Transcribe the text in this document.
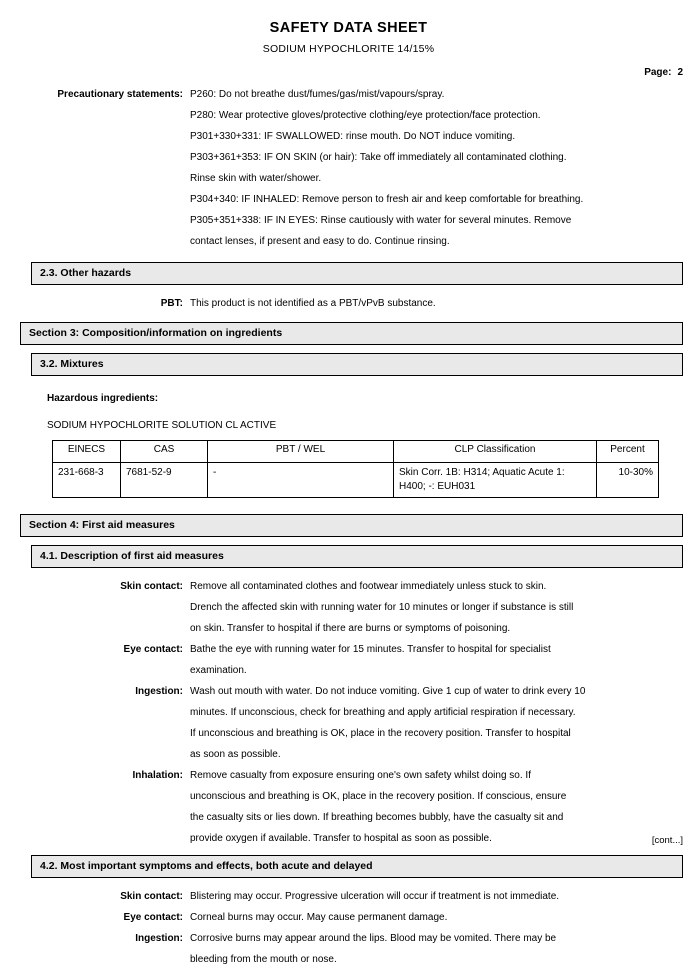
SAFETY DATA SHEET
SODIUM HYPOCHLORITE 14/15%
Page: 2
Precautionary statements: P260: Do not breathe dust/fumes/gas/mist/vapours/spray.
P280: Wear protective gloves/protective clothing/eye protection/face protection.
P301+330+331: IF SWALLOWED: rinse mouth. Do NOT induce vomiting.
P303+361+353: IF ON SKIN (or hair): Take off immediately all contaminated clothing.
Rinse skin with water/shower.
P304+340: IF INHALED: Remove person to fresh air and keep comfortable for breathing.
P305+351+338: IF IN EYES: Rinse cautiously with water for several minutes. Remove
contact lenses, if present and easy to do. Continue rinsing.
2.3. Other hazards
PBT: This product is not identified as a PBT/vPvB substance.
Section 3: Composition/information on ingredients
3.2. Mixtures
Hazardous ingredients:
SODIUM HYPOCHLORITE SOLUTION CL ACTIVE
EINECS	CAS	PBT / WEL	CLP Classification	Percent
231-668-3	7681-52-9	-	Skin Corr. 1B: H314; Aquatic Acute 1:
H400; -: EUH031	10-30%
Section 4: First aid measures
4.1. Description of first aid measures
Skin contact: Remove all contaminated clothes and footwear immediately unless stuck to skin.
Drench the affected skin with running water for 10 minutes or longer if substance is still
on skin. Transfer to hospital if there are burns or symptoms of poisoning.
Eye contact: Bathe the eye with running water for 15 minutes. Transfer to hospital for specialist
examination.
Ingestion: Wash out mouth with water. Do not induce vomiting. Give 1 cup of water to drink every 10
minutes. If unconscious, check for breathing and apply artificial respiration if necessary.
If unconscious and breathing is OK, place in the recovery position. Transfer to hospital
as soon as possible.
Inhalation: Remove casualty from exposure ensuring one's own safety whilst doing so. If
unconscious and breathing is OK, place in the recovery position. If conscious, ensure
the casualty sits or lies down. If breathing becomes bubbly, have the casualty sit and
provide oxygen if available. Transfer to hospital as soon as possible.
4.2. Most important symptoms and effects, both acute and delayed
Skin contact: Blistering may occur. Progressive ulceration will occur if treatment is not immediate.
Eye contact: Corneal burns may occur. May cause permanent damage.
Ingestion: Corrosive burns may appear around the lips. Blood may be vomited. There may be
bleeding from the mouth or nose.
[cont...]
